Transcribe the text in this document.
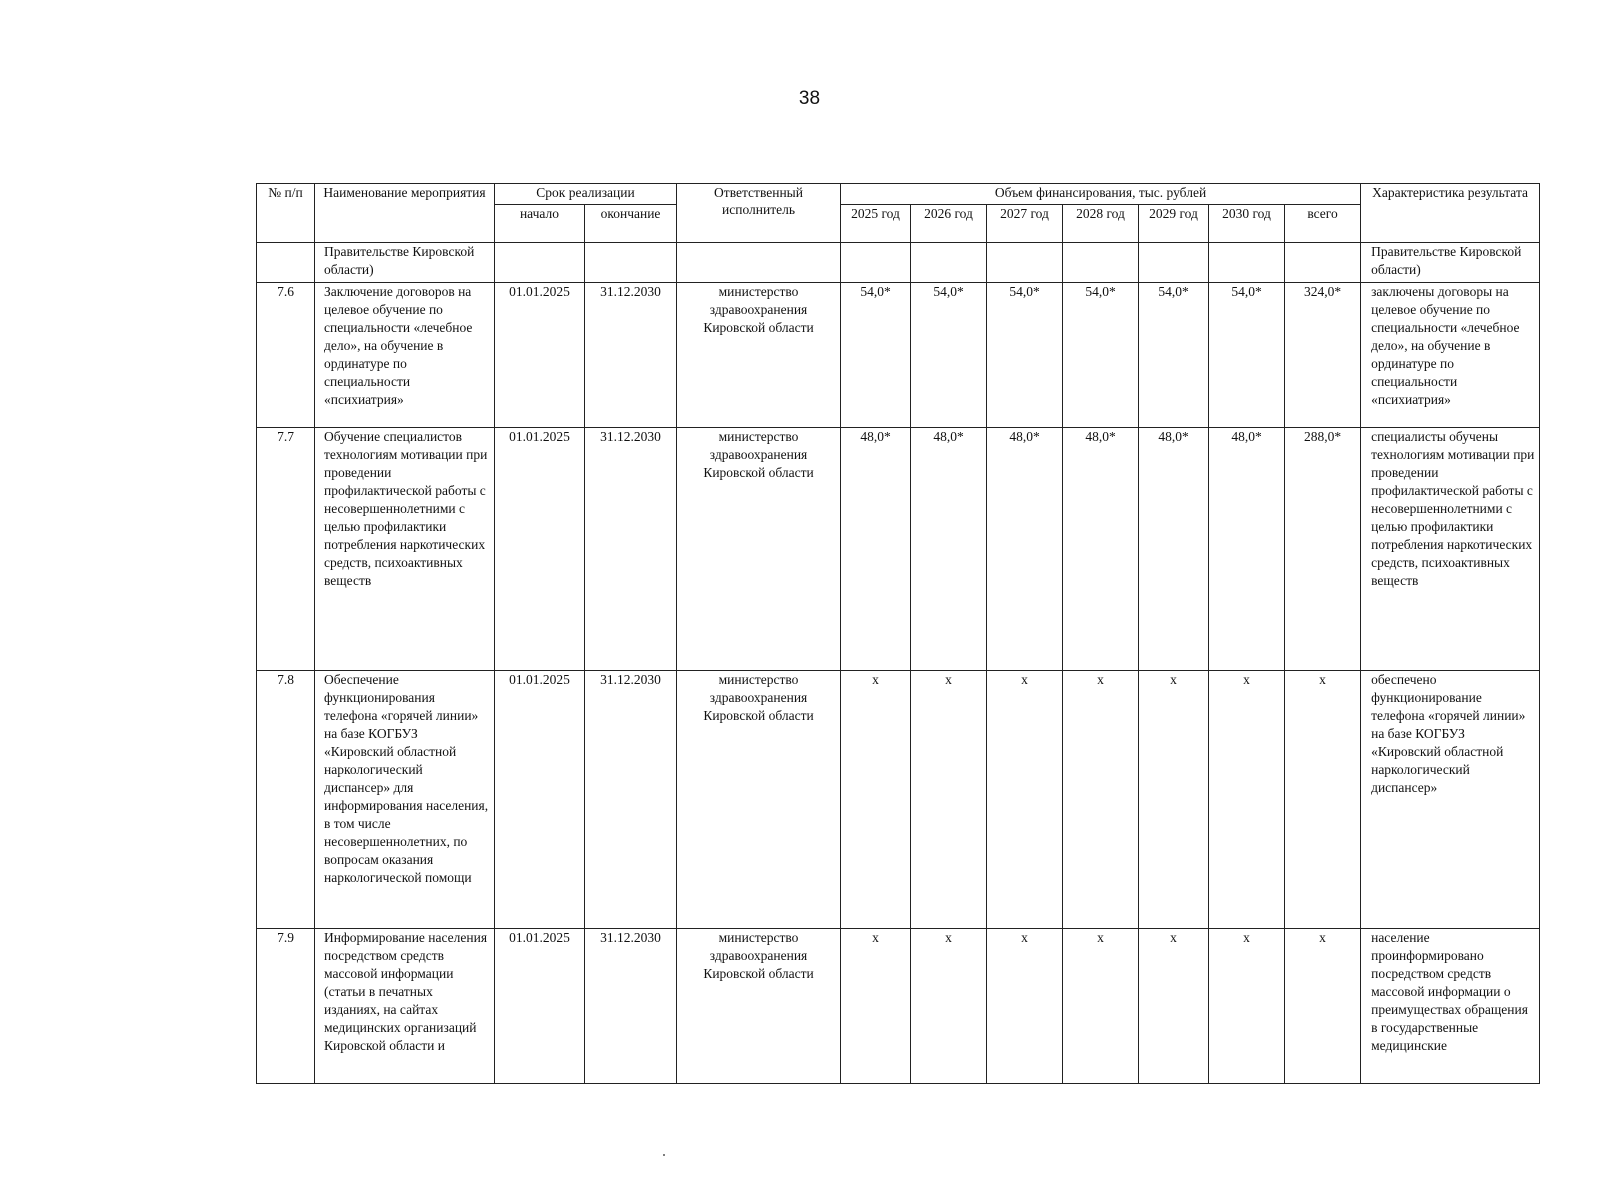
38
№ п/п	Наименование мероприятия	Срок реализации		Ответственный исполнитель	Объем финансирования, тыс. рублей							Характеристика результата
		начало	окончание		2025 год	2026 год	2027 год	2028 год	2029 год	2030 год	всего	
	Правительстве Кировской области)											Правительстве Кировской области)
7.6	Заключение договоров на целевое обучение по специальности «лечебное дело», на обучение в ординатуре по специальности «психиатрия»	01.01.2025	31.12.2030	министерство здравоохранения Кировской области	54,0*	54,0*	54,0*	54,0*	54,0*	54,0*	324,0*	заключены договоры на целевое обучение по специальности «лечебное дело», на обучение в ординатуре по специальности «психиатрия»
7.7	Обучение специалистов технологиям мотивации при проведении профилактической работы с несовершеннолетними с целью профилактики потребления наркотических средств, психоактивных веществ	01.01.2025	31.12.2030	министерство здравоохранения Кировской области	48,0*	48,0*	48,0*	48,0*	48,0*	48,0*	288,0*	специалисты обучены технологиям мотивации при проведении профилактической работы с несовершеннолетними с целью профилактики потребления наркотических средств, психоактивных веществ
7.8	Обеспечение функционирования телефона «горячей линии» на базе КОГБУЗ «Кировский областной наркологический диспансер» для информирования населения, в том числе несовершеннолетних, по вопросам оказания наркологической помощи	01.01.2025	31.12.2030	министерство здравоохранения Кировской области	х	х	х	х	х	х	х	обеспечено функционирование телефона «горячей линии» на базе КОГБУЗ «Кировский областной наркологический диспансер»
7.9	Информирование населения посредством средств массовой информации (статьи в печатных изданиях, на сайтах медицинских организаций Кировской области и	01.01.2025	31.12.2030	министерство здравоохранения Кировской области	х	х	х	х	х	х	х	население проинформировано посредством средств массовой информации о преимуществах обращения в государственные медицинские
